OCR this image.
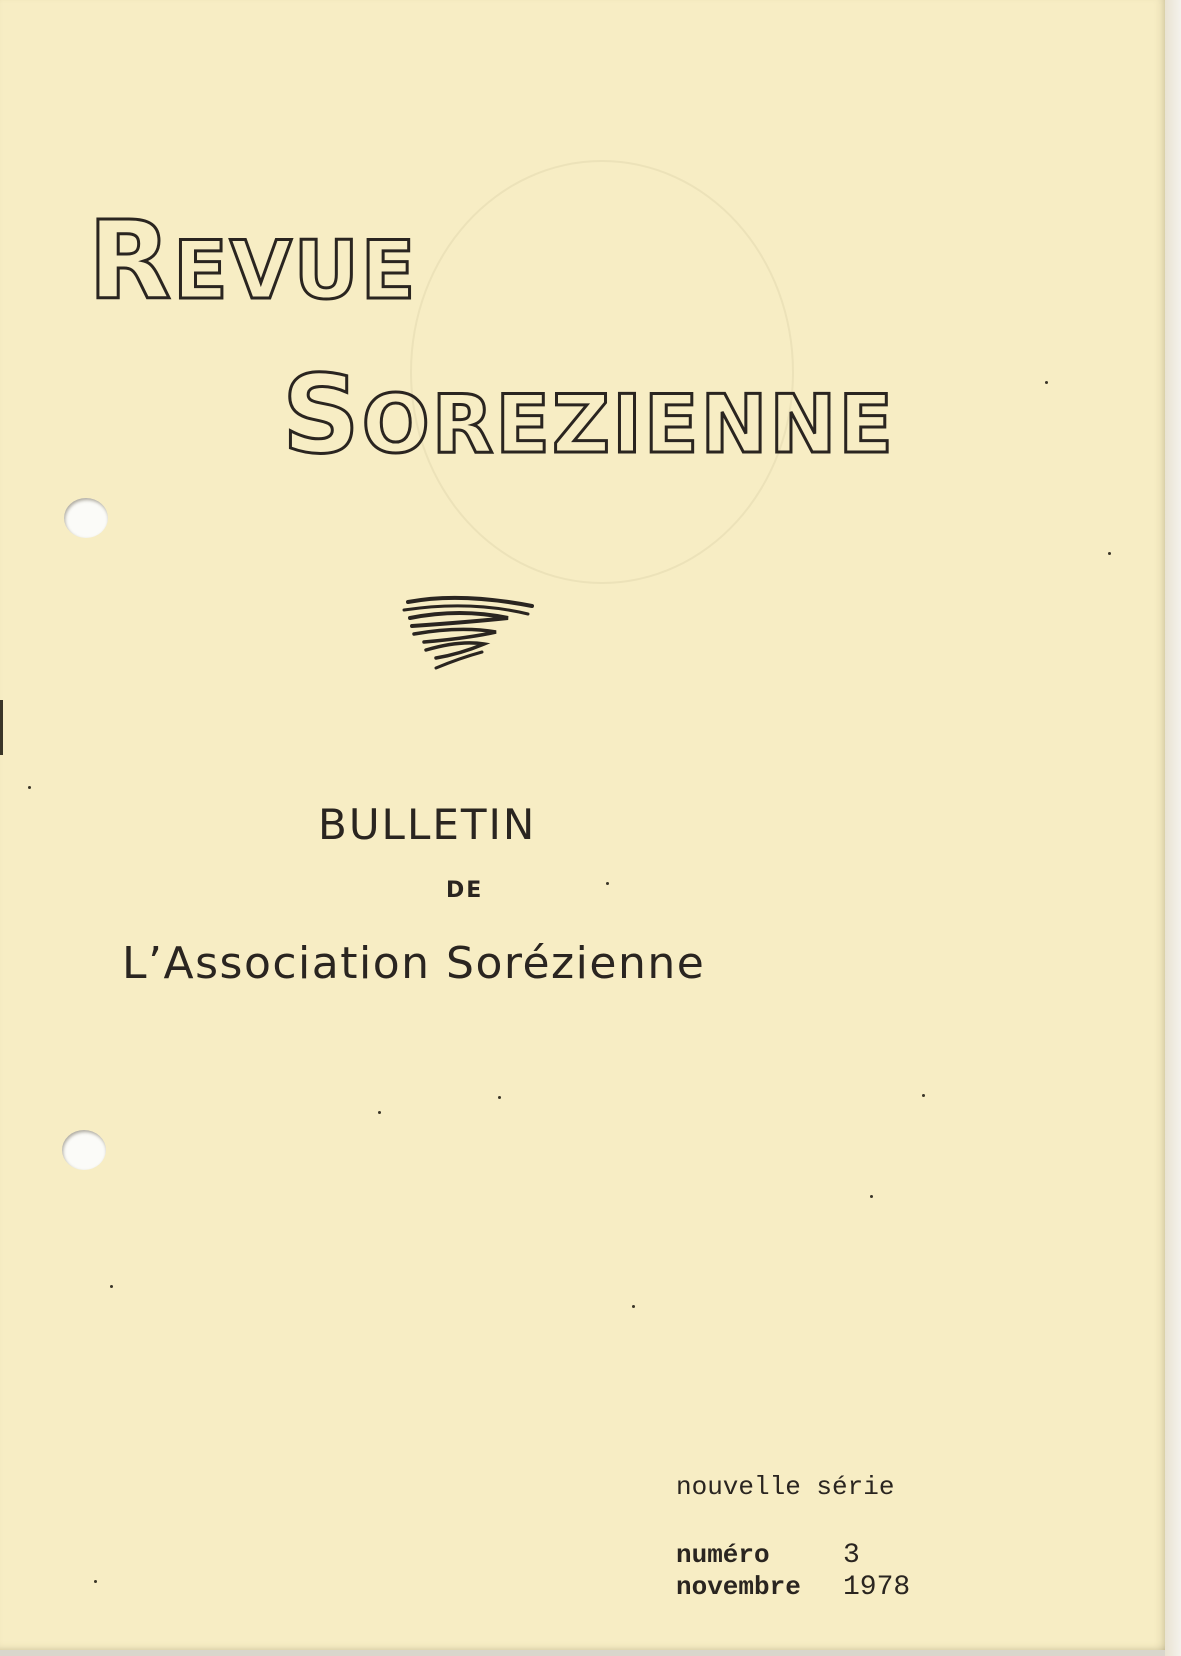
REVUE
SOREZIENNE
BULLETIN
DE
L’Association Sorézienne
nouvelle série
numéro	3
novembre 1978
